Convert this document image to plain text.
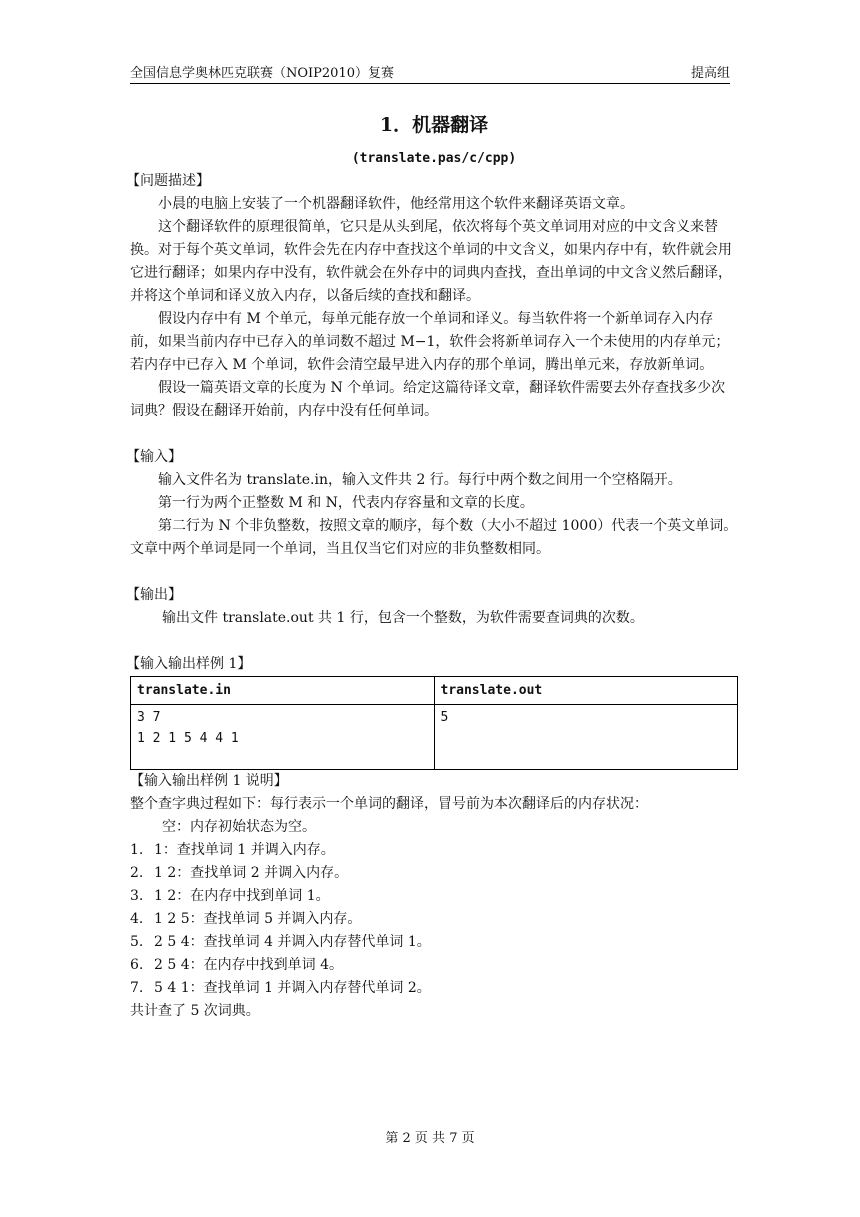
全国信息学奥林匹克联赛（NOIP2010）复赛	提高组
1．机器翻译
(translate.pas/c/cpp)

【问题描述】

小晨的电脑上安装了一个机器翻译软件，他经常用这个软件来翻译英语文章。

这个翻译软件的原理很简单，它只是从头到尾，依次将每个英文单词用对应的中文含义来替换。对于每个英文单词，软件会先在内存中查找这个单词的中文含义，如果内存中有，软件就会用它进行翻译；如果内存中没有，软件就会在外存中的词典内查找，查出单词的中文含义然后翻译，并将这个单词和译义放入内存，以备后续的查找和翻译。

假设内存中有 M 个单元，每单元能存放一个单词和译义。每当软件将一个新单词存入内存前，如果当前内存中已存入的单词数不超过 M−1，软件会将新单词存入一个未使用的内存单元；若内存中已存入 M 个单词，软件会清空最早进入内存的那个单词，腾出单元来，存放新单词。

假设一篇英语文章的长度为 N 个单词。给定这篇待译文章，翻译软件需要去外存查找多少次词典？假设在翻译开始前，内存中没有任何单词。

【输入】

输入文件名为 translate.in，输入文件共 2 行。每行中两个数之间用一个空格隔开。

第一行为两个正整数 M 和 N，代表内存容量和文章的长度。

第二行为 N 个非负整数，按照文章的顺序，每个数（大小不超过 1000）代表一个英文单词。文章中两个单词是同一个单词，当且仅当它们对应的非负整数相同。

【输出】

输出文件 translate.out 共 1 行，包含一个整数，为软件需要查词典的次数。

【输入输出样例 1】

translate.in	translate.out

3 7
1 2 1 5 4 4 1	5

【输入输出样例 1 说明】

整个查字典过程如下：每行表示一个单词的翻译，冒号前为本次翻译后的内存状况：

空：内存初始状态为空。

1. 1：查找单词 1 并调入内存。

2. 1 2：查找单词 2 并调入内存。

3. 1 2：在内存中找到单词 1。

4. 1 2 5：查找单词 5 并调入内存。

5. 2 5 4：查找单词 4 并调入内存替代单词 1。

6. 2 5 4：在内存中找到单词 4。

7. 5 4 1：查找单词 1 并调入内存替代单词 2。

共计查了 5 次词典。

第 2 页 共 7 页
